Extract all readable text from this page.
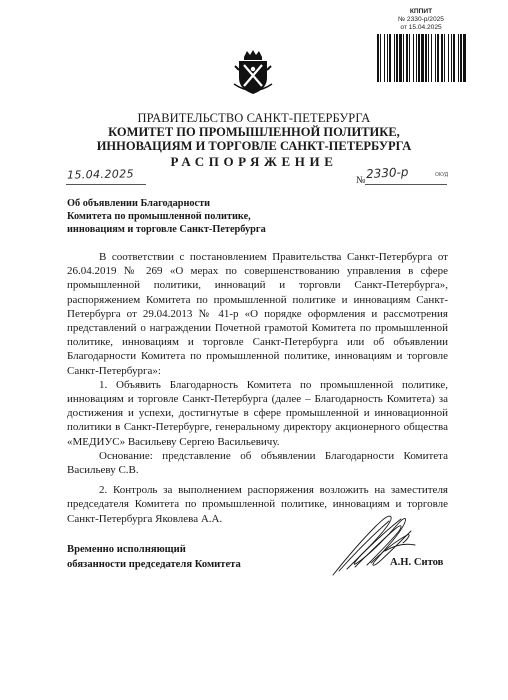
КППИТ
№ 2330-р/2025
от 15.04.2025
ПРАВИТЕЛЬСТВО САНКТ-ПЕТЕРБУРГА
КОМИТЕТ ПО ПРОМЫШЛЕННОЙ ПОЛИТИКЕ,
ИННОВАЦИЯМ И ТОРГОВЛЕ САНКТ-ПЕТЕРБУРГА
РАСПОРЯЖЕНИЕ
15.04.2025	ОКУД
№ 2330-р
Об объявлении Благодарности
Комитета по промышленной политике,
инновациям и торговле Санкт-Петербурга

В соответствии с постановлением Правительства Санкт-Петербурга от 26.04.2019 № 269 «О мерах по совершенствованию управления в сфере промышленной политики, инноваций и торговли Санкт-Петербурга», распоряжением Комитета по промышленной политике и инновациям Санкт-Петербурга от 29.04.2013 № 41-р «О порядке оформления и рассмотрения представлений о награждении Почетной грамотой Комитета по промышленной политике, инновациям и торговле Санкт-Петербурга или об объявлении Благодарности Комитета по промышленной политике, инновациям и торговле Санкт-Петербурга»:

1. Объявить Благодарность Комитета по промышленной политике, инновациям и торговле Санкт-Петербурга (далее – Благодарность Комитета) за достижения и успехи, достигнутые в сфере промышленной и инновационной политики в Санкт-Петербурге, генеральному директору акционерного общества «МЕДИУС» Васильеву Сергею Васильевичу.

Основание: представление об объявлении Благодарности Комитета Васильеву С.В.

2. Контроль за выполнением распоряжения возложить на заместителя председателя Комитета по промышленной политике, инновациям и торговле Санкт-Петербурга Яковлева А.А.

Временно исполняющий
обязанности председателя Комитета	А.Н. Ситов
